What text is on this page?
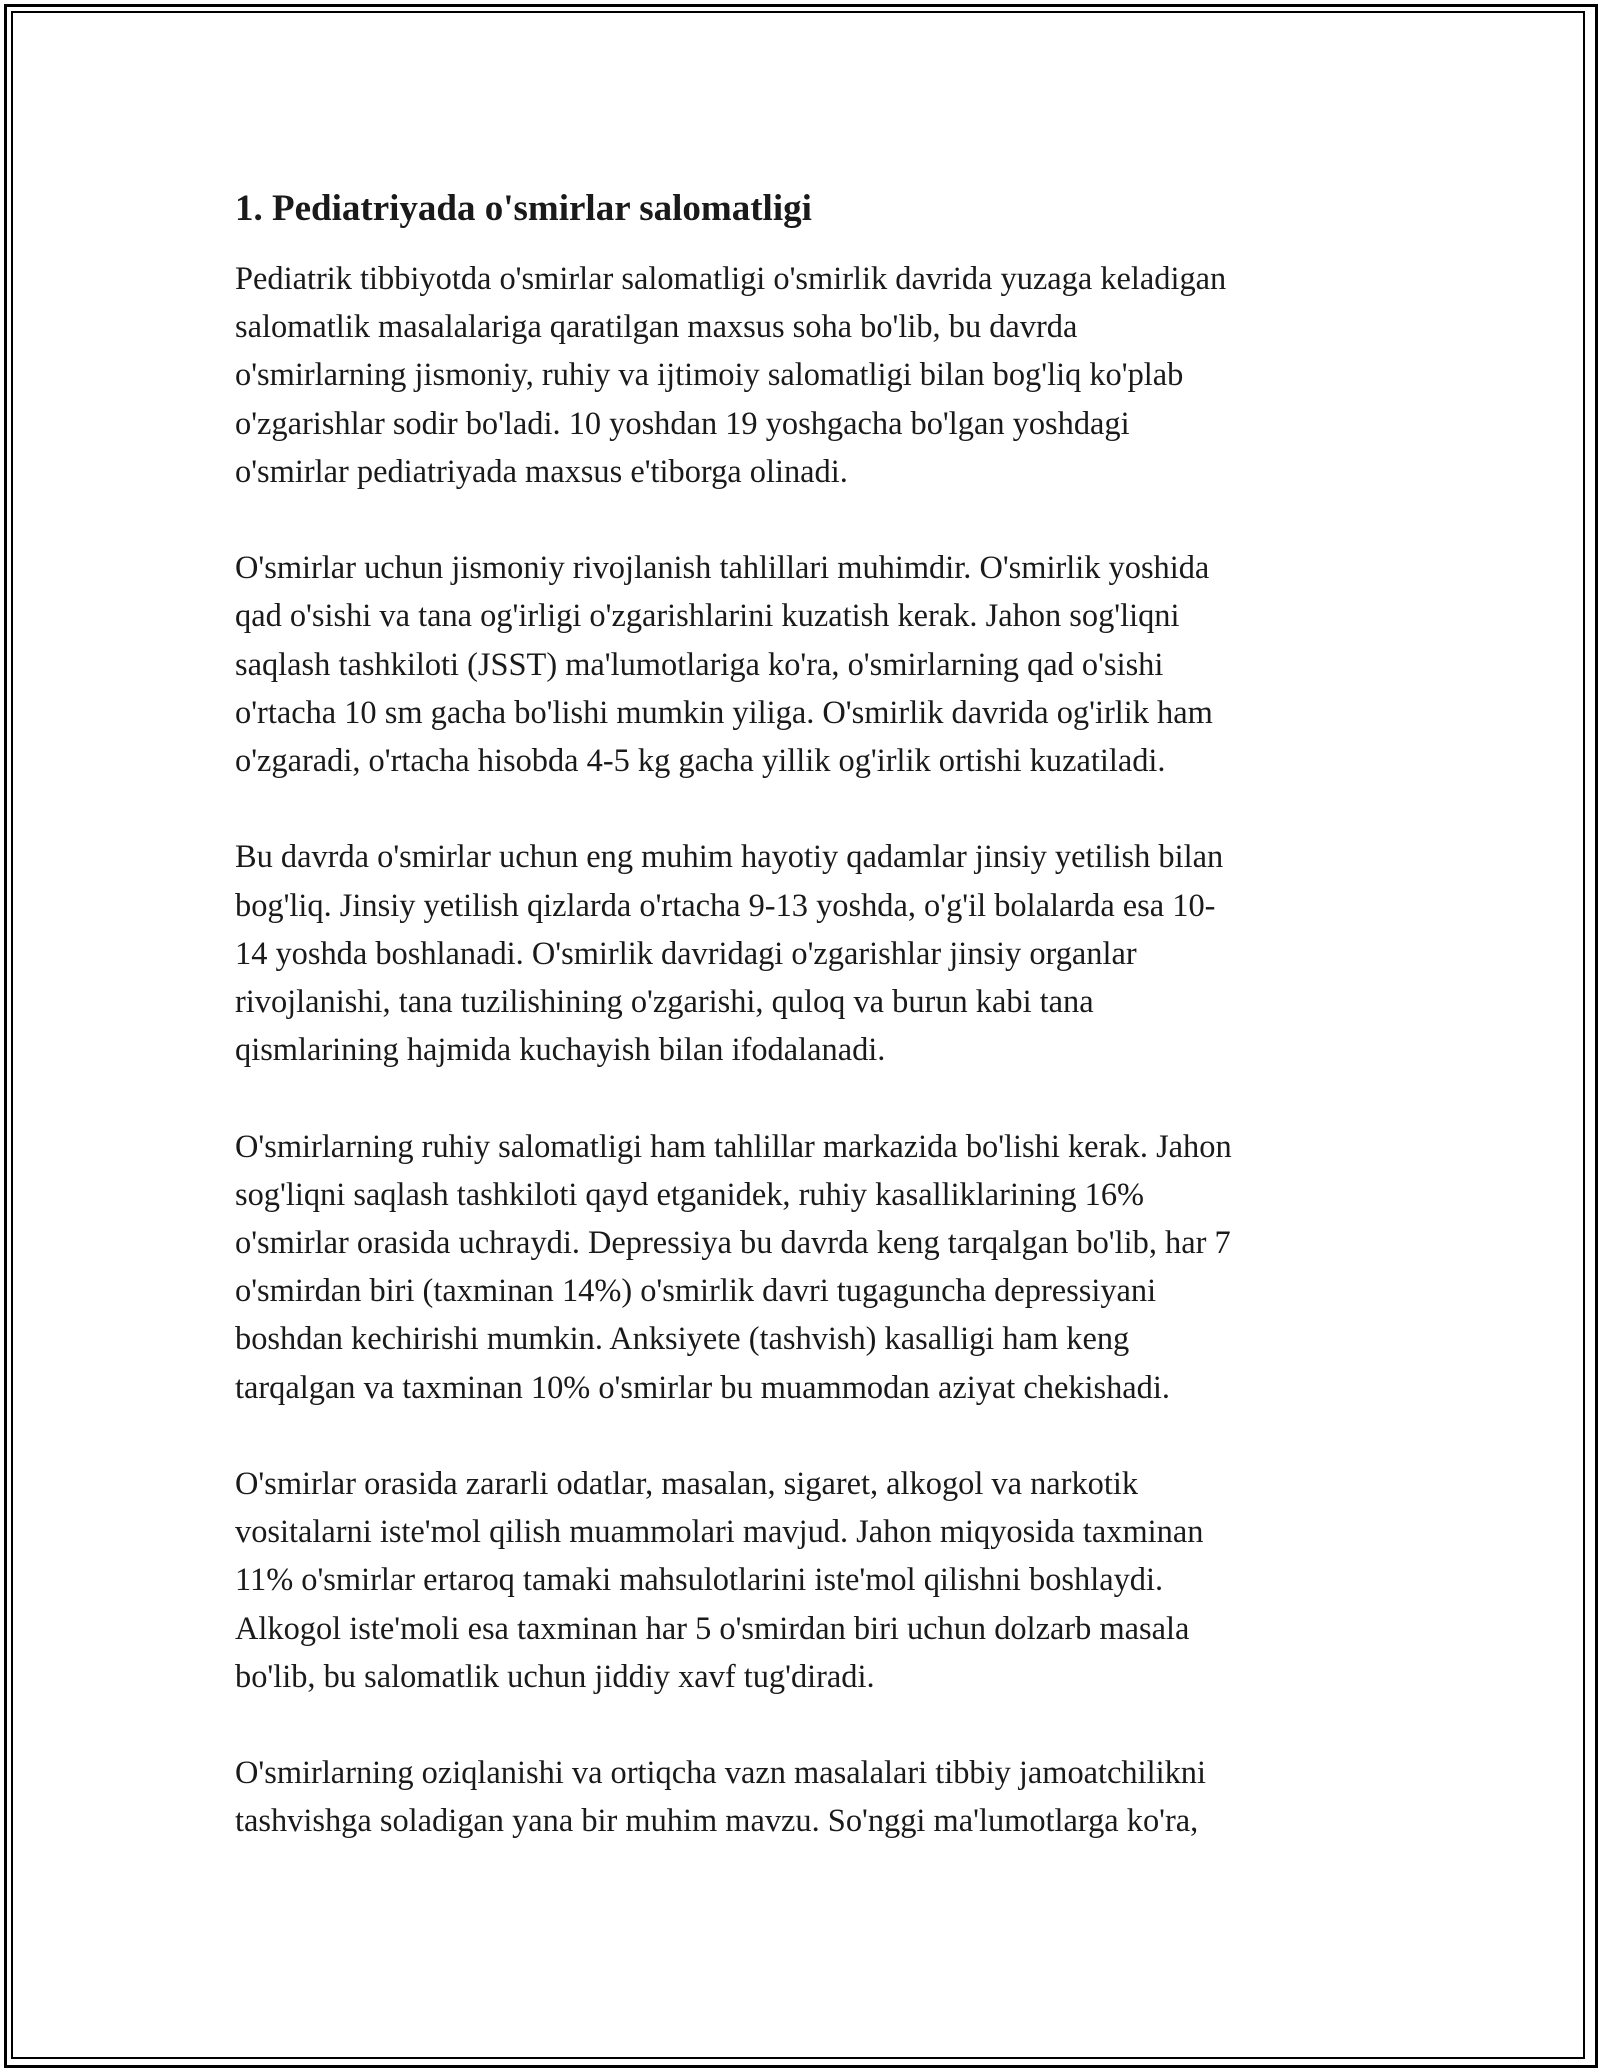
1. Pediatriyada o'smirlar salomatligi

Pediatrik tibbiyotda o'smirlar salomatligi o'smirlik davrida yuzaga keladigan
salomatlik masalalariga qaratilgan maxsus soha bo'lib, bu davrda
o'smirlarning jismoniy, ruhiy va ijtimoiy salomatligi bilan bog'liq ko'plab
o'zgarishlar sodir bo'ladi. 10 yoshdan 19 yoshgacha bo'lgan yoshdagi
o'smirlar pediatriyada maxsus e'tiborga olinadi.

O'smirlar uchun jismoniy rivojlanish tahlillari muhimdir. O'smirlik yoshida
qad o'sishi va tana og'irligi o'zgarishlarini kuzatish kerak. Jahon sog'liqni
saqlash tashkiloti (JSST) ma'lumotlariga ko'ra, o'smirlarning qad o'sishi
o'rtacha 10 sm gacha bo'lishi mumkin yiliga. O'smirlik davrida og'irlik ham
o'zgaradi, o'rtacha hisobda 4-5 kg gacha yillik og'irlik ortishi kuzatiladi.

Bu davrda o'smirlar uchun eng muhim hayotiy qadamlar jinsiy yetilish bilan
bog'liq. Jinsiy yetilish qizlarda o'rtacha 9-13 yoshda, o'g'il bolalarda esa 10-
14 yoshda boshlanadi. O'smirlik davridagi o'zgarishlar jinsiy organlar
rivojlanishi, tana tuzilishining o'zgarishi, quloq va burun kabi tana
qismlarining hajmida kuchayish bilan ifodalanadi.

O'smirlarning ruhiy salomatligi ham tahlillar markazida bo'lishi kerak. Jahon
sog'liqni saqlash tashkiloti qayd etganidek, ruhiy kasalliklarining 16%
o'smirlar orasida uchraydi. Depressiya bu davrda keng tarqalgan bo'lib, har 7
o'smirdan biri (taxminan 14%) o'smirlik davri tugaguncha depressiyani
boshdan kechirishi mumkin. Anksiyete (tashvish) kasalligi ham keng
tarqalgan va taxminan 10% o'smirlar bu muammodan aziyat chekishadi.

O'smirlar orasida zararli odatlar, masalan, sigaret, alkogol va narkotik
vositalarni iste'mol qilish muammolari mavjud. Jahon miqyosida taxminan
11% o'smirlar ertaroq tamaki mahsulotlarini iste'mol qilishni boshlaydi.
Alkogol iste'moli esa taxminan har 5 o'smirdan biri uchun dolzarb masala
bo'lib, bu salomatlik uchun jiddiy xavf tug'diradi.

O'smirlarning oziqlanishi va ortiqcha vazn masalalari tibbiy jamoatchilikni
tashvishga soladigan yana bir muhim mavzu. So'nggi ma'lumotlarga ko'ra,
